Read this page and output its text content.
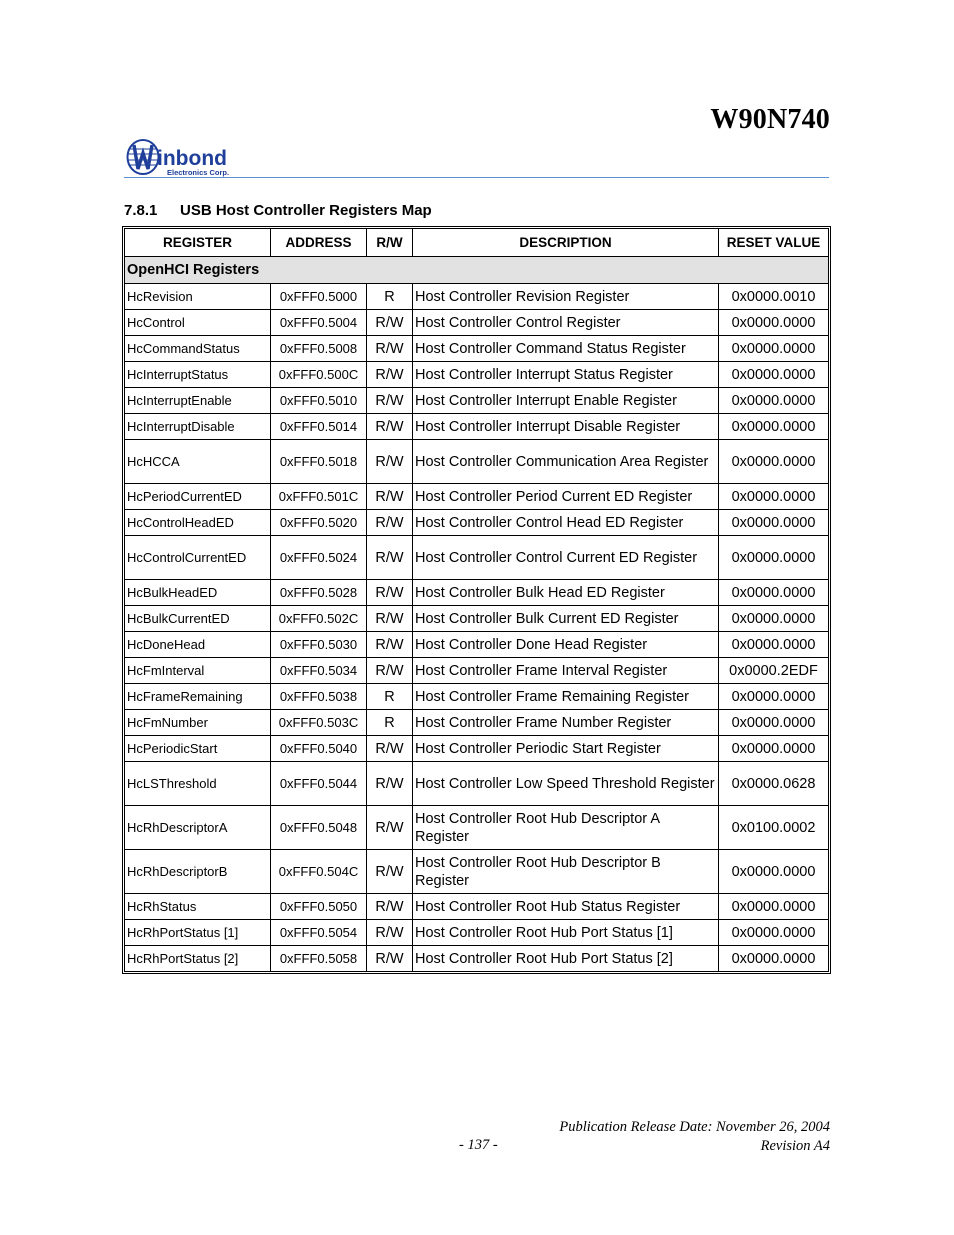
W90N740
inbond
Electronics Corp.
7.8.1 USB Host Controller Registers Map
REGISTER	ADDRESS	R/W	DESCRIPTION	RESET VALUE
OpenHCI Registers				
HcRevision	0xFFF0.5000	R	Host Controller Revision Register	0x0000.0010
HcControl	0xFFF0.5004	R/W	Host Controller Control Register	0x0000.0000
HcCommandStatus	0xFFF0.5008	R/W	Host Controller Command Status Register	0x0000.0000
HcInterruptStatus	0xFFF0.500C	R/W	Host Controller Interrupt Status Register	0x0000.0000
HcInterruptEnable	0xFFF0.5010	R/W	Host Controller Interrupt Enable Register	0x0000.0000
HcInterruptDisable	0xFFF0.5014	R/W	Host Controller Interrupt Disable Register	0x0000.0000
HcHCCA	0xFFF0.5018	R/W	Host Controller Communication Area Register	0x0000.0000
HcPeriodCurrentED	0xFFF0.501C	R/W	Host Controller Period Current ED Register	0x0000.0000
HcControlHeadED	0xFFF0.5020	R/W	Host Controller Control Head ED Register	0x0000.0000
HcControlCurrentED	0xFFF0.5024	R/W	Host Controller Control Current ED Register	0x0000.0000
HcBulkHeadED	0xFFF0.5028	R/W	Host Controller Bulk Head ED Register	0x0000.0000
HcBulkCurrentED	0xFFF0.502C	R/W	Host Controller Bulk Current ED Register	0x0000.0000
HcDoneHead	0xFFF0.5030	R/W	Host Controller Done Head Register	0x0000.0000
HcFmInterval	0xFFF0.5034	R/W	Host Controller Frame Interval Register	0x0000.2EDF
HcFrameRemaining	0xFFF0.5038	R	Host Controller Frame Remaining Register	0x0000.0000
HcFmNumber	0xFFF0.503C	R	Host Controller Frame Number Register	0x0000.0000
HcPeriodicStart	0xFFF0.5040	R/W	Host Controller Periodic Start Register	0x0000.0000
HcLSThreshold	0xFFF0.5044	R/W	Host Controller Low Speed Threshold Register	0x0000.0628
HcRhDescriptorA	0xFFF0.5048	R/W	Host Controller Root Hub Descriptor A Register	0x0100.0002
HcRhDescriptorB	0xFFF0.504C	R/W	Host Controller Root Hub Descriptor B Register	0x0000.0000
HcRhStatus	0xFFF0.5050	R/W	Host Controller Root Hub Status Register	0x0000.0000
HcRhPortStatus [1]	0xFFF0.5054	R/W	Host Controller Root Hub Port Status [1]	0x0000.0000
HcRhPortStatus [2]	0xFFF0.5058	R/W	Host Controller Root Hub Port Status [2]	0x0000.0000
Publication Release Date: November 26, 2004
Revision A4
- 137 -
